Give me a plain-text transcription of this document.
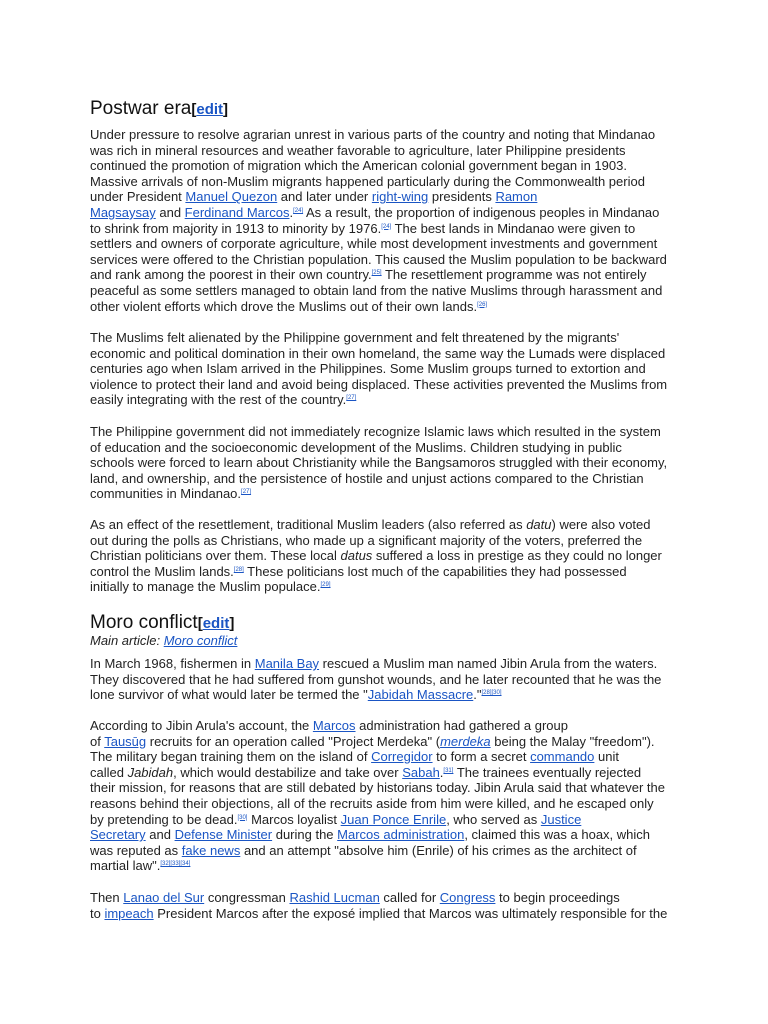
Postwar era[edit]
Under pressure to resolve agrarian unrest in various parts of the country and noting that Mindanao
was rich in mineral resources and weather favorable to agriculture, later Philippine presidents
continued the promotion of migration which the American colonial government began in 1903.
Massive arrivals of non-Muslim migrants happened particularly during the Commonwealth period
under President Manuel Quezon and later under right-wing presidents Ramon
Magsaysay and Ferdinand Marcos.[24] As a result, the proportion of indigenous peoples in Mindanao
to shrink from majority in 1913 to minority by 1976.[24] The best lands in Mindanao were given to
settlers and owners of corporate agriculture, while most development investments and government
services were offered to the Christian population. This caused the Muslim population to be backward
and rank among the poorest in their own country.[25] The resettlement programme was not entirely
peaceful as some settlers managed to obtain land from the native Muslims through harassment and
other violent efforts which drove the Muslims out of their own lands.[26]
The Muslims felt alienated by the Philippine government and felt threatened by the migrants'
economic and political domination in their own homeland, the same way the Lumads were displaced
centuries ago when Islam arrived in the Philippines. Some Muslim groups turned to extortion and
violence to protect their land and avoid being displaced. These activities prevented the Muslims from
easily integrating with the rest of the country.[27]
The Philippine government did not immediately recognize Islamic laws which resulted in the system
of education and the socioeconomic development of the Muslims. Children studying in public
schools were forced to learn about Christianity while the Bangsamoros struggled with their economy,
land, and ownership, and the persistence of hostile and unjust actions compared to the Christian
communities in Mindanao.[27]
As an effect of the resettlement, traditional Muslim leaders (also referred as datu) were also voted
out during the polls as Christians, who made up a significant majority of the voters, preferred the
Christian politicians over them. These local datus suffered a loss in prestige as they could no longer
control the Muslim lands.[28] These politicians lost much of the capabilities they had possessed
initially to manage the Muslim populace.[29]
Moro conflict[edit]
Main article: Moro conflict
In March 1968, fishermen in Manila Bay rescued a Muslim man named Jibin Arula from the waters.
They discovered that he had suffered from gunshot wounds, and he later recounted that he was the
lone survivor of what would later be termed the "Jabidah Massacre."[28][30]
According to Jibin Arula's account, the Marcos administration had gathered a group
of Tausūg recruits for an operation called "Project Merdeka" (merdeka being the Malay "freedom").
The military began training them on the island of Corregidor to form a secret commando unit
called Jabidah, which would destabilize and take over Sabah.[31] The trainees eventually rejected
their mission, for reasons that are still debated by historians today. Jibin Arula said that whatever the
reasons behind their objections, all of the recruits aside from him were killed, and he escaped only
by pretending to be dead.[30] Marcos loyalist Juan Ponce Enrile, who served as Justice
Secretary and Defense Minister during the Marcos administration, claimed this was a hoax, which
was reputed as fake news and an attempt "absolve him (Enrile) of his crimes as the architect of
martial law".[32][33][34]
Then Lanao del Sur congressman Rashid Lucman called for Congress to begin proceedings
to impeach President Marcos after the exposé implied that Marcos was ultimately responsible for the
